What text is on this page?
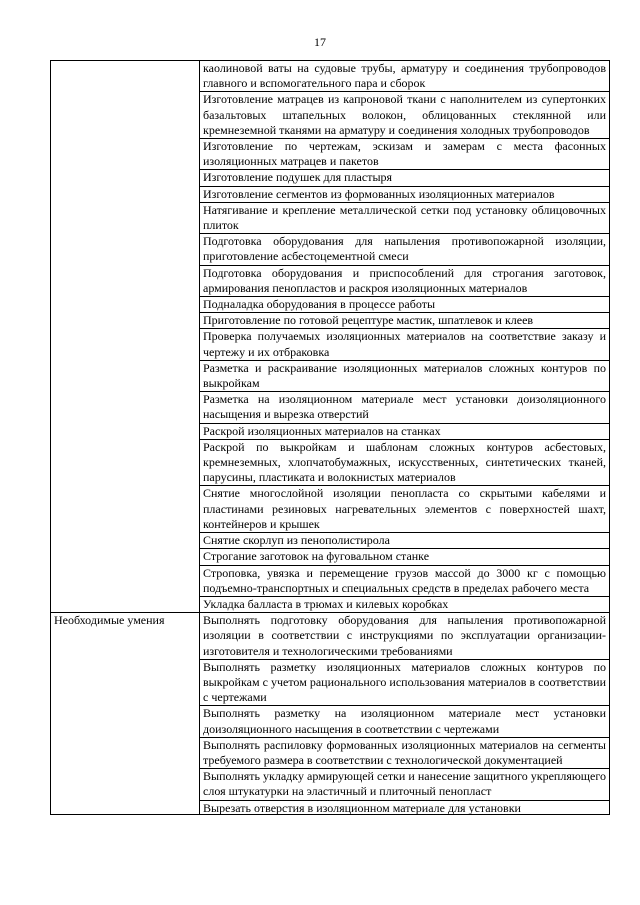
17
	каолиновой ваты на судовые трубы, арматуру и соединения трубопроводов главного и вспомогательного пара и сборок
	Изготовление матрацев из капроновой ткани с наполнителем из супертонких базальтовых штапельных волокон, облицованных стеклянной или кремнеземной тканями на арматуру и соединения холодных трубопроводов
	Изготовление по чертежам, эскизам и замерам с места фасонных изоляционных матрацев и пакетов
	Изготовление подушек для пластыря
	Изготовление сегментов из формованных изоляционных материалов
	Натягивание и крепление металлической сетки под установку облицовочных плиток
	Подготовка оборудования для напыления противопожарной изоляции, приготовление асбестоцементной смеси
	Подготовка оборудования и приспособлений для строгания заготовок, армирования пенопластов и раскроя изоляционных материалов
	Подналадка оборудования в процессе работы
	Приготовление по готовой рецептуре мастик, шпатлевок и клеев
	Проверка получаемых изоляционных материалов на соответствие заказу и чертежу и их отбраковка
	Разметка и раскраивание изоляционных материалов сложных контуров по выкройкам
	Разметка на изоляционном материале мест установки доизоляционного насыщения и вырезка отверстий
	Раскрой изоляционных материалов на станках
	Раскрой по выкройкам и шаблонам сложных контуров асбестовых, кремнеземных, хлопчатобумажных, искусственных, синтетических тканей, парусины, пластиката и волокнистых материалов
	Снятие многослойной изоляции пенопласта со скрытыми кабелями и пластинами резиновых нагревательных элементов с поверхностей шахт, контейнеров и крышек
	Снятие скорлуп из пенополистирола
	Строгание заготовок на фуговальном станке
	Строповка, увязка и перемещение грузов массой до 3000 кг с помощью подъемно-транспортных и специальных средств в пределах рабочего места
	Укладка балласта в трюмах и килевых коробках
Необходимые умения	Выполнять подготовку оборудования для напыления противопожарной изоляции в соответствии с инструкциями по эксплуатации организации-изготовителя и технологическими требованиями
	Выполнять разметку изоляционных материалов сложных контуров по выкройкам с учетом рационального использования материалов в соответствии с чертежами
	Выполнять разметку на изоляционном материале мест установки доизоляционного насыщения в соответствии с чертежами
	Выполнять распиловку формованных изоляционных материалов на сегменты требуемого размера в соответствии с технологической документацией
	Выполнять укладку армирующей сетки и нанесение защитного укрепляющего слоя штукатурки на эластичный и плиточный пенопласт

	Вырезать отверстия в изоляционном материале для установки
